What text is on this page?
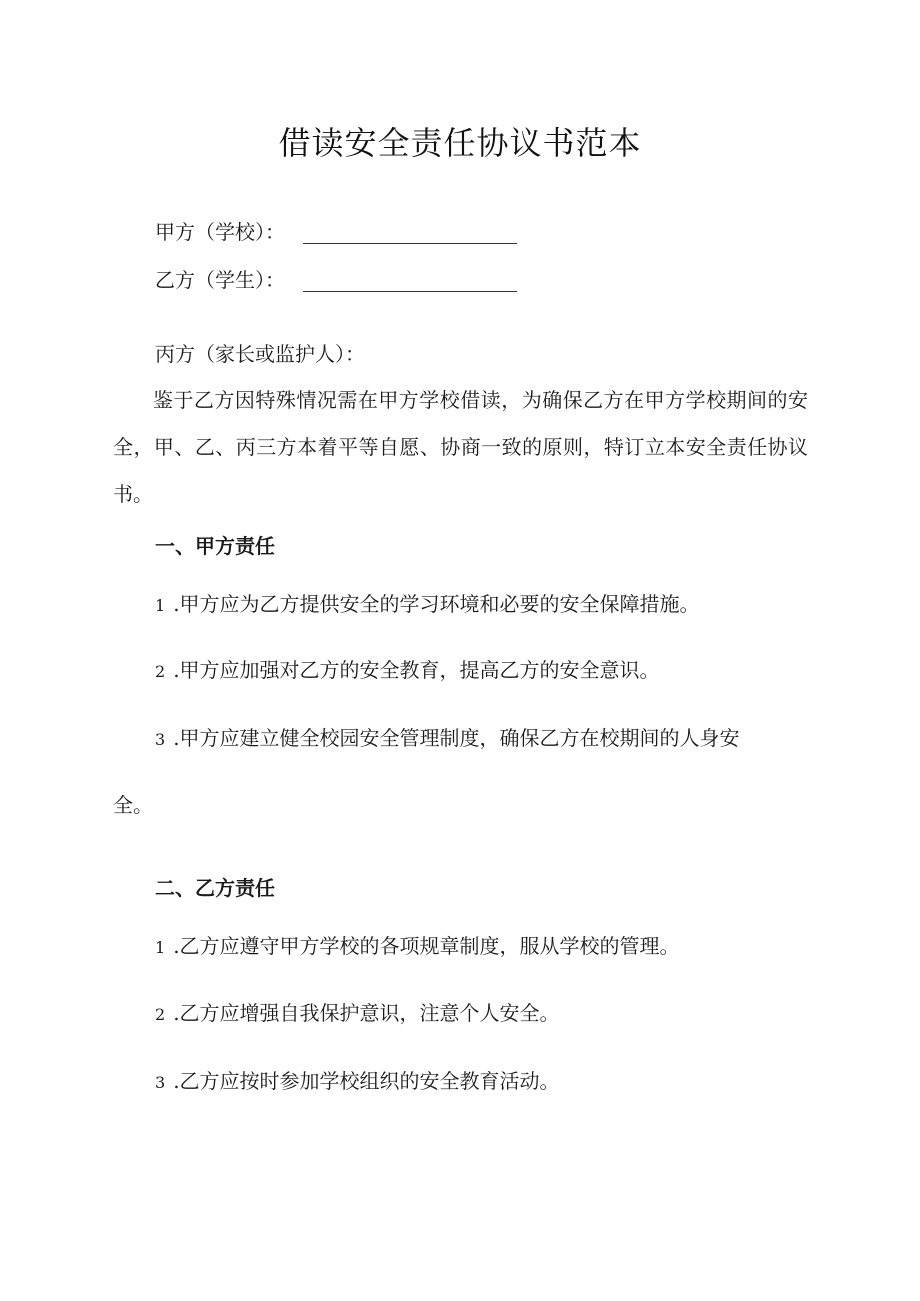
借读安全责任协议书范本
甲方（学校）：
乙方（学生）：
丙方（家长或监护人）：
鉴于乙方因特殊情况需在甲方学校借读，为确保乙方在甲方学校期间的安全，甲、乙、丙三方本着平等自愿、协商一致的原则，特订立本安全责任协议书。
一、甲方责任
1 .甲方应为乙方提供安全的学习环境和必要的安全保障措施。
2 .甲方应加强对乙方的安全教育，提高乙方的安全意识。
3 .甲方应建立健全校园安全管理制度，确保乙方在校期间的人身安
全。
二、乙方责任
1 .乙方应遵守甲方学校的各项规章制度，服从学校的管理。
2 .乙方应增强自我保护意识，注意个人安全。
3 .乙方应按时参加学校组织的安全教育活动。
